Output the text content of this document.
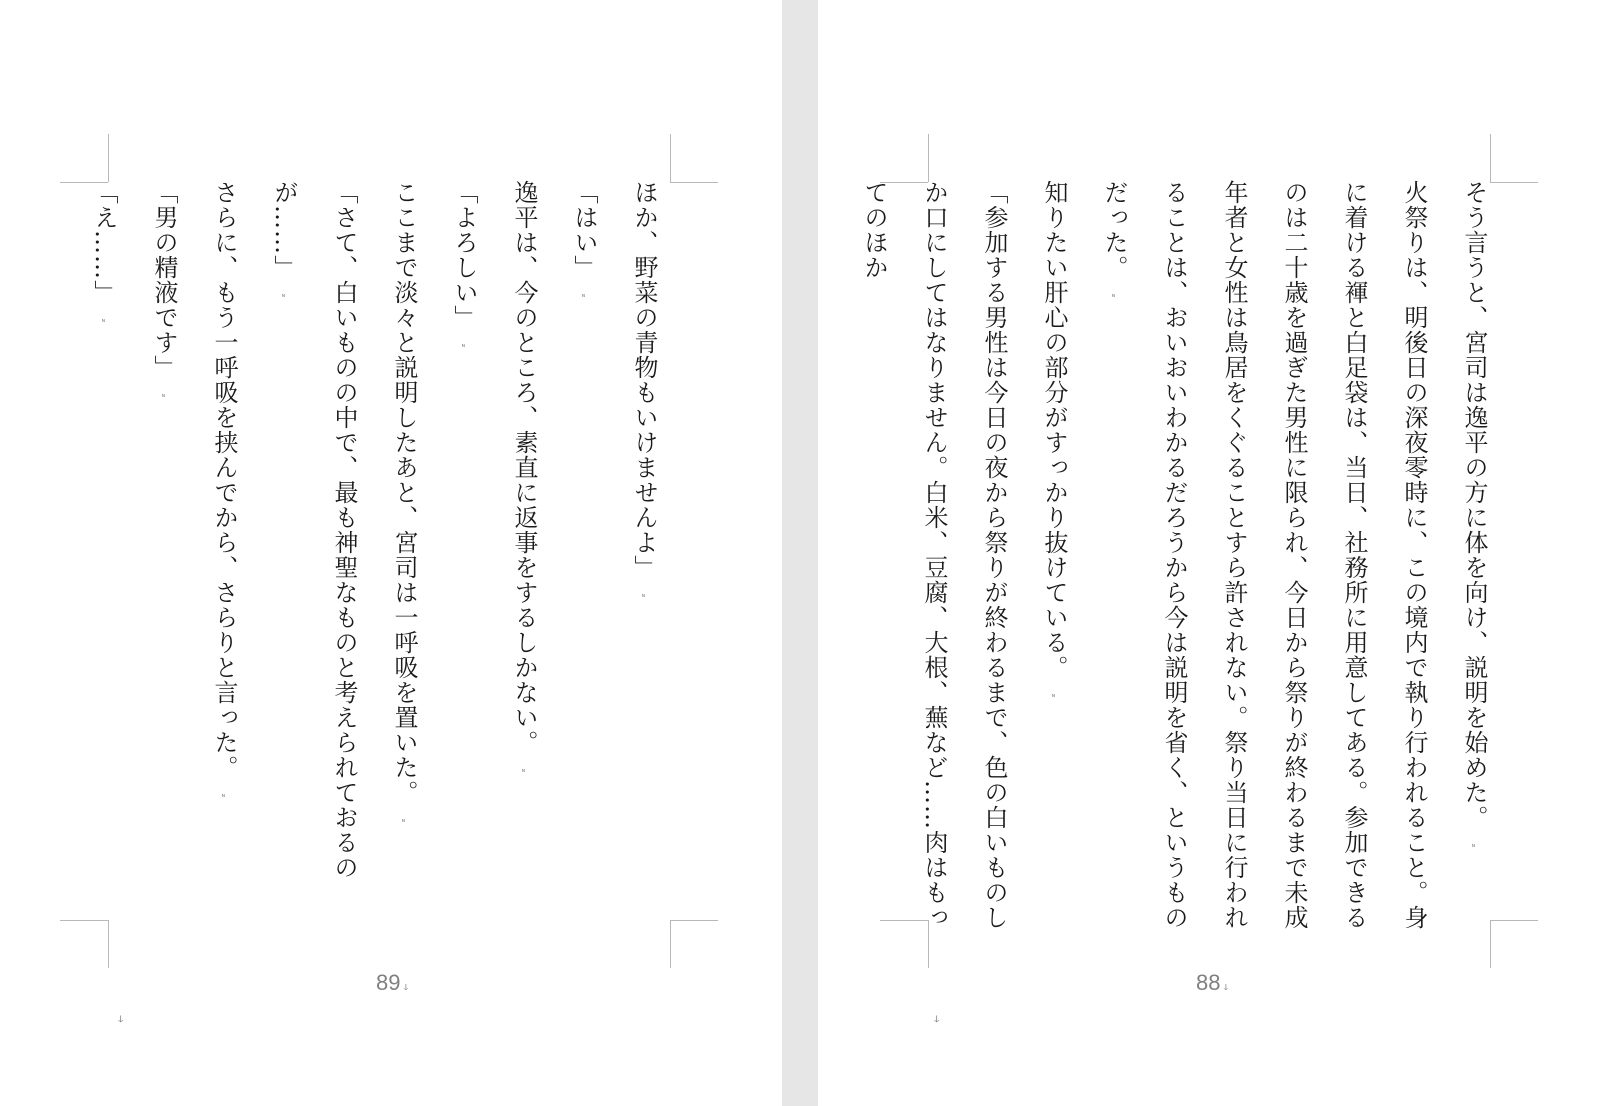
ほか、野菜の青物もいけませんよ」ᶰ

「はい」ᶰ

逸平は、今のところ、素直に返事をするしかない。ᶰ

「よろしい」ᶰ

ここまで淡々と説明したあと、宮司は一呼吸を置いた。ᶰ

「さて、白いものの中で、最も神聖なものと考えられておるのが……」ᶰ

さらに、もう一呼吸を挟んでから、さらりと言った。ᶰ

「男の精液です」ᶰ

「え……」ᶰ	そう言うと、宮司は逸平の方に体を向け、説明を始めた。ᶰ

火祭りは、明後日の深夜零時に、この境内で執り行われること。身に着ける褌と白足袋は、当日、社務所に用意してある。参加できるのは二十歳を過ぎた男性に限られ、今日から祭りが終わるまで未成年者と女性は鳥居をくぐることすら許されない。祭り当日に行われることは、おいおいわかるだろうから今は説明を省く、というものだった。ᶰ

知りたい肝心の部分がすっかり抜けている。ᶰ

「参加する男性は今日の夜から祭りが終わるまで、色の白いものしか口にしてはなりません。白米、豆腐、大根、蕪など……肉はもってのほか

89 ↆ	88 ↆ
ↆ	ↆ
